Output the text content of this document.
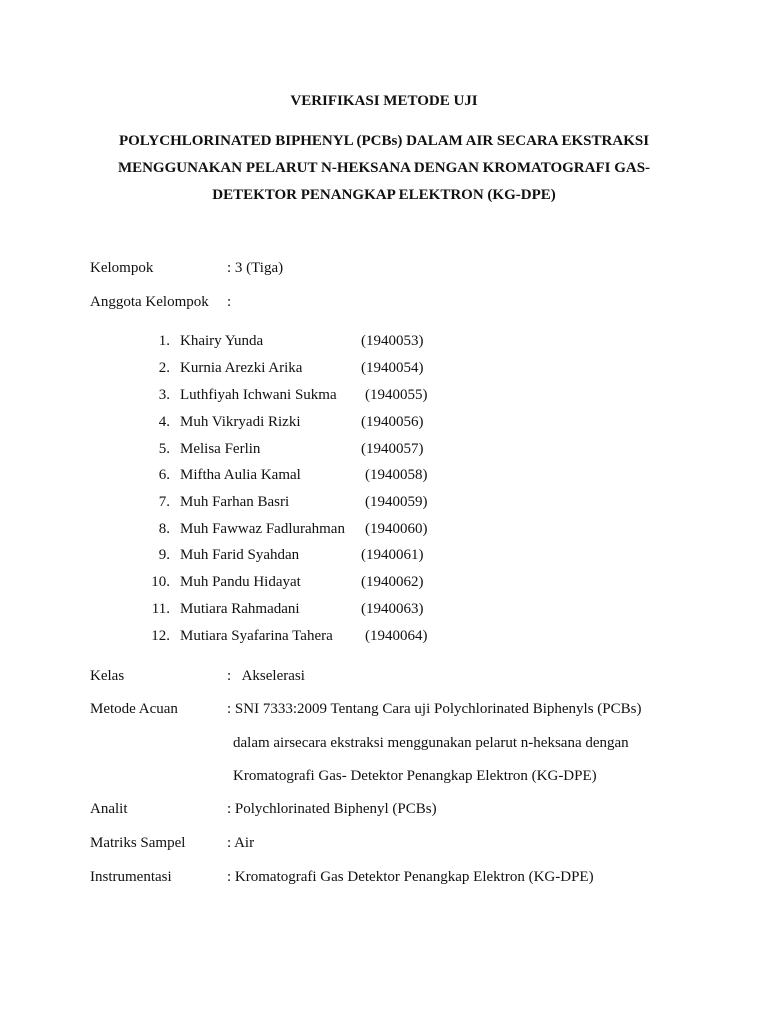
VERIFIKASI METODE UJI
POLYCHLORINATED BIPHENYL (PCBs) DALAM AIR SECARA EKSTRAKSI
MENGGUNAKAN PELARUT N-HEKSANA DENGAN KROMATOGRAFI GAS-
DETEKTOR PENANGKAP ELEKTRON (KG-DPE)
Kelompok	: 3 (Tiga)
Anggota Kelompok :
1. Khairy Yunda	(1940053)
2. Kurnia Arezki Arika	(1940054)
3. Luthfiyah Ichwani Sukma (1940055)
4. Muh Vikryadi Rizki	(1940056)
5. Melisa Ferlin	(1940057)
6. Miftha Aulia Kamal	(1940058)
7. Muh Farhan Basri	(1940059)
8. Muh Fawwaz Fadlurahman (1940060)
9. Muh Farid Syahdan	(1940061)
10. Muh Pandu Hidayat	(1940062)
11. Mutiara Rahmadani	(1940063)
12. Mutiara Syafarina Tahera (1940064)
Kelas	:   Akselerasi
Metode Acuan	: SNI 7333:2009 Tentang Cara uji Polychlorinated Biphenyls (PCBs)
dalam airsecara ekstraksi menggunakan pelarut n-heksana dengan
Kromatografi Gas- Detektor Penangkap Elektron (KG-DPE)
Analit	: Polychlorinated Biphenyl (PCBs)
Matriks Sampel	: Air
Instrumentasi	: Kromatografi Gas Detektor Penangkap Elektron (KG-DPE)
